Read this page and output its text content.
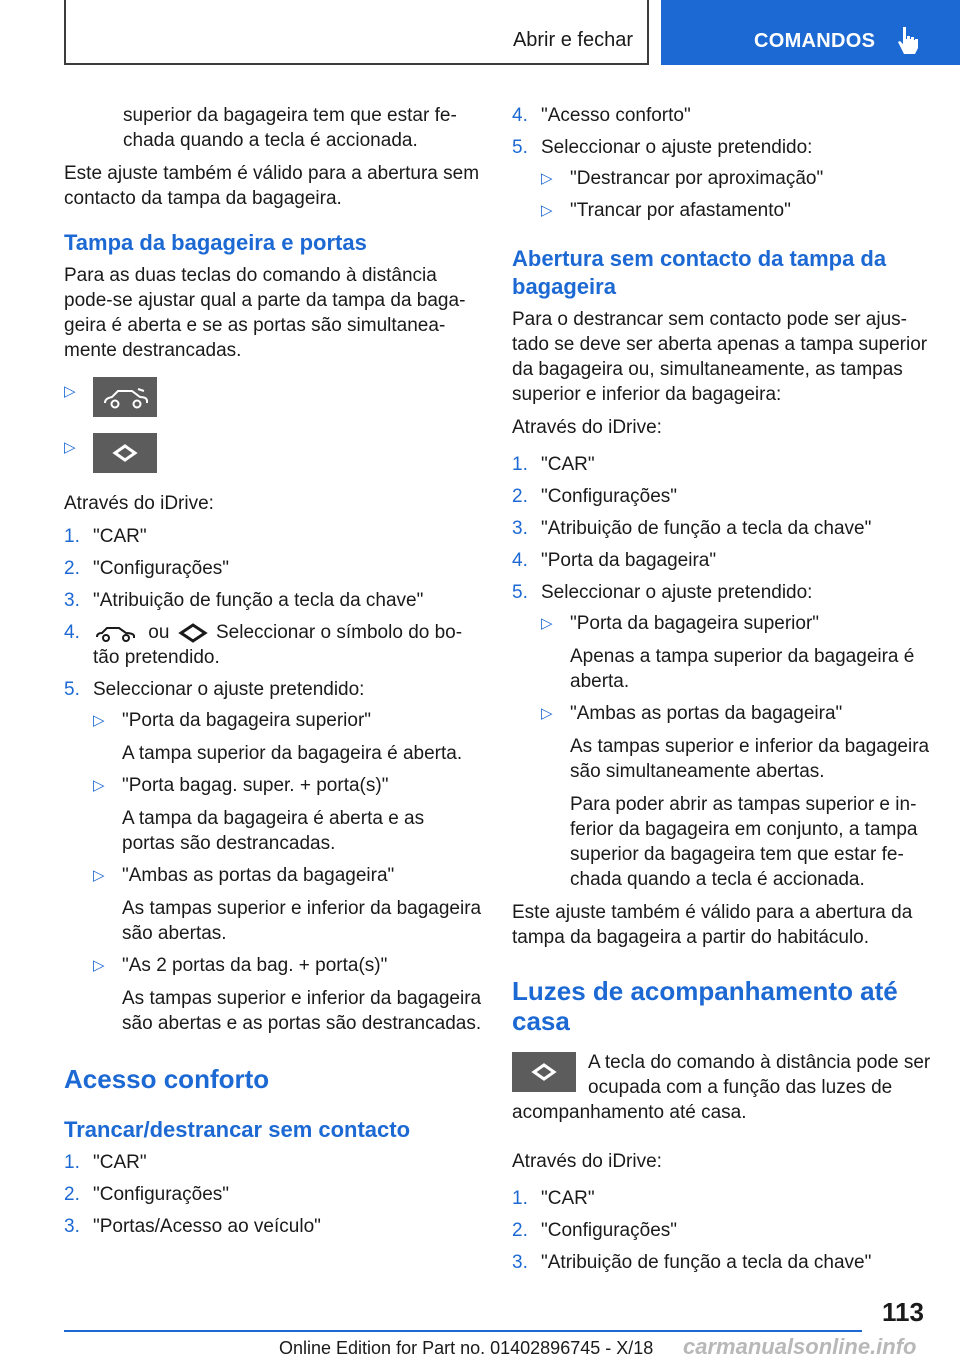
Abrir e fechar	COMANDOS

superior da bagageira tem que estar fechada quando a tecla é accionada.

Este ajuste também é válido para a abertura sem contacto da tampa da bagageira.

Tampa da bagageira e portas

Para as duas teclas do comando à distância pode-se ajustar qual a parte da tampa da bagageira é aberta e se as portas são simultaneamente destrancadas.

▷
▷

Através do iDrive:

1. "CAR"
2. "Configurações"
3. "Atribuição de função a tecla da chave"
4.	ou Seleccionar o símbolo do botão pretendido.
5. Seleccionar o ajuste pretendido:
▷ "Porta da bagageira superior"
A tampa superior da bagageira é aberta.
▷ "Porta bagag. super. + porta(s)"
A tampa da bagageira é aberta e as portas são destrancadas.
▷ "Ambas as portas da bagageira"
As tampas superior e inferior da bagageira são abertas.
▷ "As 2 portas da bag. + porta(s)"
As tampas superior e inferior da bagageira são abertas e as portas são destrancadas.
Acesso conforto
Trancar/destrancar sem contacto
1. "CAR"
2. "Configurações"
3. "Portas/Acesso ao veículo"
4. "Acesso conforto"
5. Seleccionar o ajuste pretendido:
▷ "Destrancar por aproximação"
▷ "Trancar por afastamento"
Abertura sem contacto da tampa da bagageira

Para o destrancar sem contacto pode ser ajustado se deve ser aberta apenas a tampa superior da bagageira ou, simultaneamente, as tampas superior e inferior da bagageira:

Através do iDrive:

1. "CAR"
2. "Configurações"
3. "Atribuição de função a tecla da chave"
4. "Porta da bagageira"
5. Seleccionar o ajuste pretendido:
▷ "Porta da bagageira superior"
Apenas a tampa superior da bagageira é aberta.
▷ "Ambas as portas da bagageira"
As tampas superior e inferior da bagageira são simultaneamente abertas.
Para poder abrir as tampas superior e inferior da bagageira em conjunto, a tampa superior da bagageira tem que estar fechada quando a tecla é accionada.

Este ajuste também é válido para a abertura da tampa da bagageira a partir do habitáculo.

Luzes de acompanhamento até casa

A tecla do comando à distância pode ser ocupada com a função das luzes de acompanhamento até casa.

Através do iDrive:

1. "CAR"
2. "Configurações"
3. "Atribuição de função a tecla da chave"
113
Online Edition for Part no. 01402896745 - X/18 carmanualsonline.info
